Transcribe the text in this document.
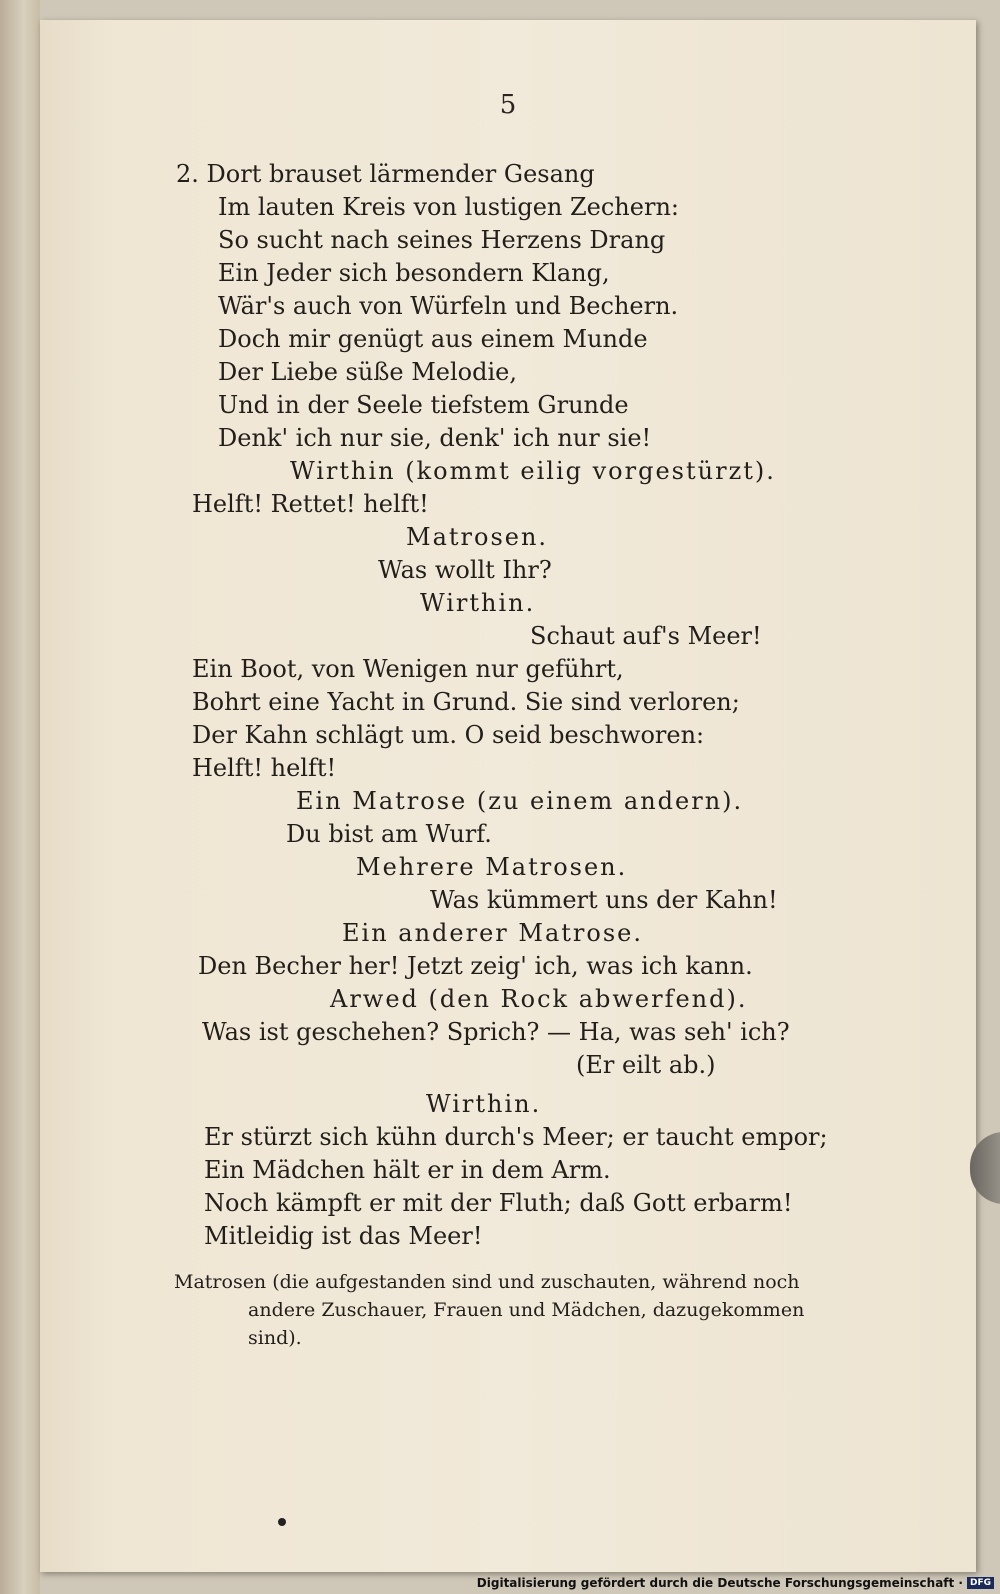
5
2. Dort brauset lärmender Gesang
Im lauten Kreis von lustigen Zechern:
So sucht nach seines Herzens Drang
Ein Jeder sich besondern Klang,
Wär's auch von Würfeln und Bechern.
Doch mir genügt aus einem Munde
Der Liebe süße Melodie,
Und in der Seele tiefstem Grunde
Denk' ich nur sie, denk' ich nur sie!
Wirthin (kommt eilig vorgestürzt).
Helft! Rettet! helft!
Matrosen.
Was wollt Ihr?
Wirthin.
Schaut auf's Meer!
Ein Boot, von Wenigen nur geführt,
Bohrt eine Yacht in Grund. Sie sind verloren;
Der Kahn schlägt um. O seid beschworen:
Helft! helft!
Ein Matrose (zu einem andern).
Du bist am Wurf.
Mehrere Matrosen.
Was kümmert uns der Kahn!
Ein anderer Matrose.
Den Becher her! Jetzt zeig' ich, was ich kann.
Arwed (den Rock abwerfend).
Was ist geschehen? Sprich? — Ha, was seh' ich?
(Er eilt ab.)
Wirthin.
Er stürzt sich kühn durch's Meer; er taucht empor;
Ein Mädchen hält er in dem Arm.
Noch kämpft er mit der Fluth; daß Gott erbarm!
Mitleidig ist das Meer!
Matrosen (die aufgestanden sind und zuschauten, während noch
andere Zuschauer, Frauen und Mädchen, dazugekommen
sind).
Digitalisierung gefördert durch die Deutsche Forschungsgemeinschaft · DFG
